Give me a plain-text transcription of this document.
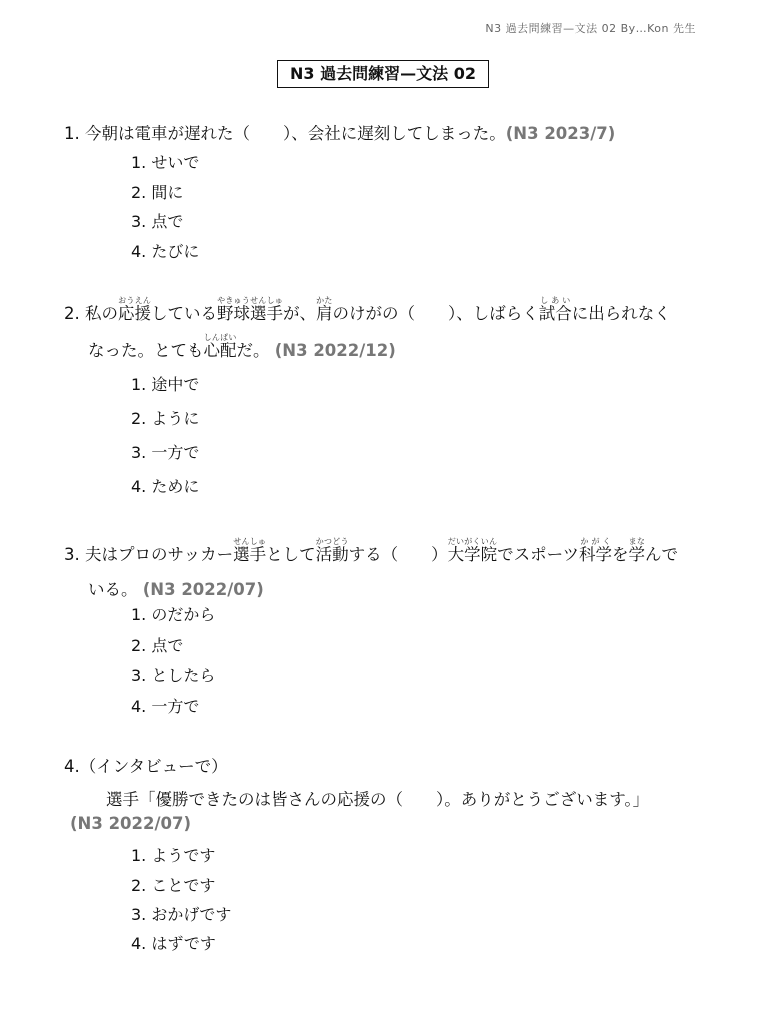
N3 過去問練習—文法 02 By…Kon 先生
N3 過去問練習—文法 02
1. 今朝は電車が遅れた（　　）、会社に遅刻してしまった。(N3 2023/7)
1. せいで
2. 間に
3. 点で
4. たびに
2. 私の応援おうえんしている野球選手やきゅうせんしゅが、肩かたのけがの（　　）、しばらく試合しあいに出られなく
なった。とても心配しんぱいだ。 (N3 2022/12)
1. 途中で
2. ように
3. 一方で
4. ために
3. 夫はプロのサッカー選手せんしゅとして活動かつどうする（　　）大学院だいがくいんでスポーツ科学かがくを学まなんで
いる。 (N3 2022/07)
1. のだから
2. 点で
3. としたら
4. 一方で
4.（インタビューで）
選手「優勝できたのは皆さんの応援の（　　）。ありがとうございます。」
(N3 2022/07)
1. ようです
2. ことです
3. おかげです
4. はずです
